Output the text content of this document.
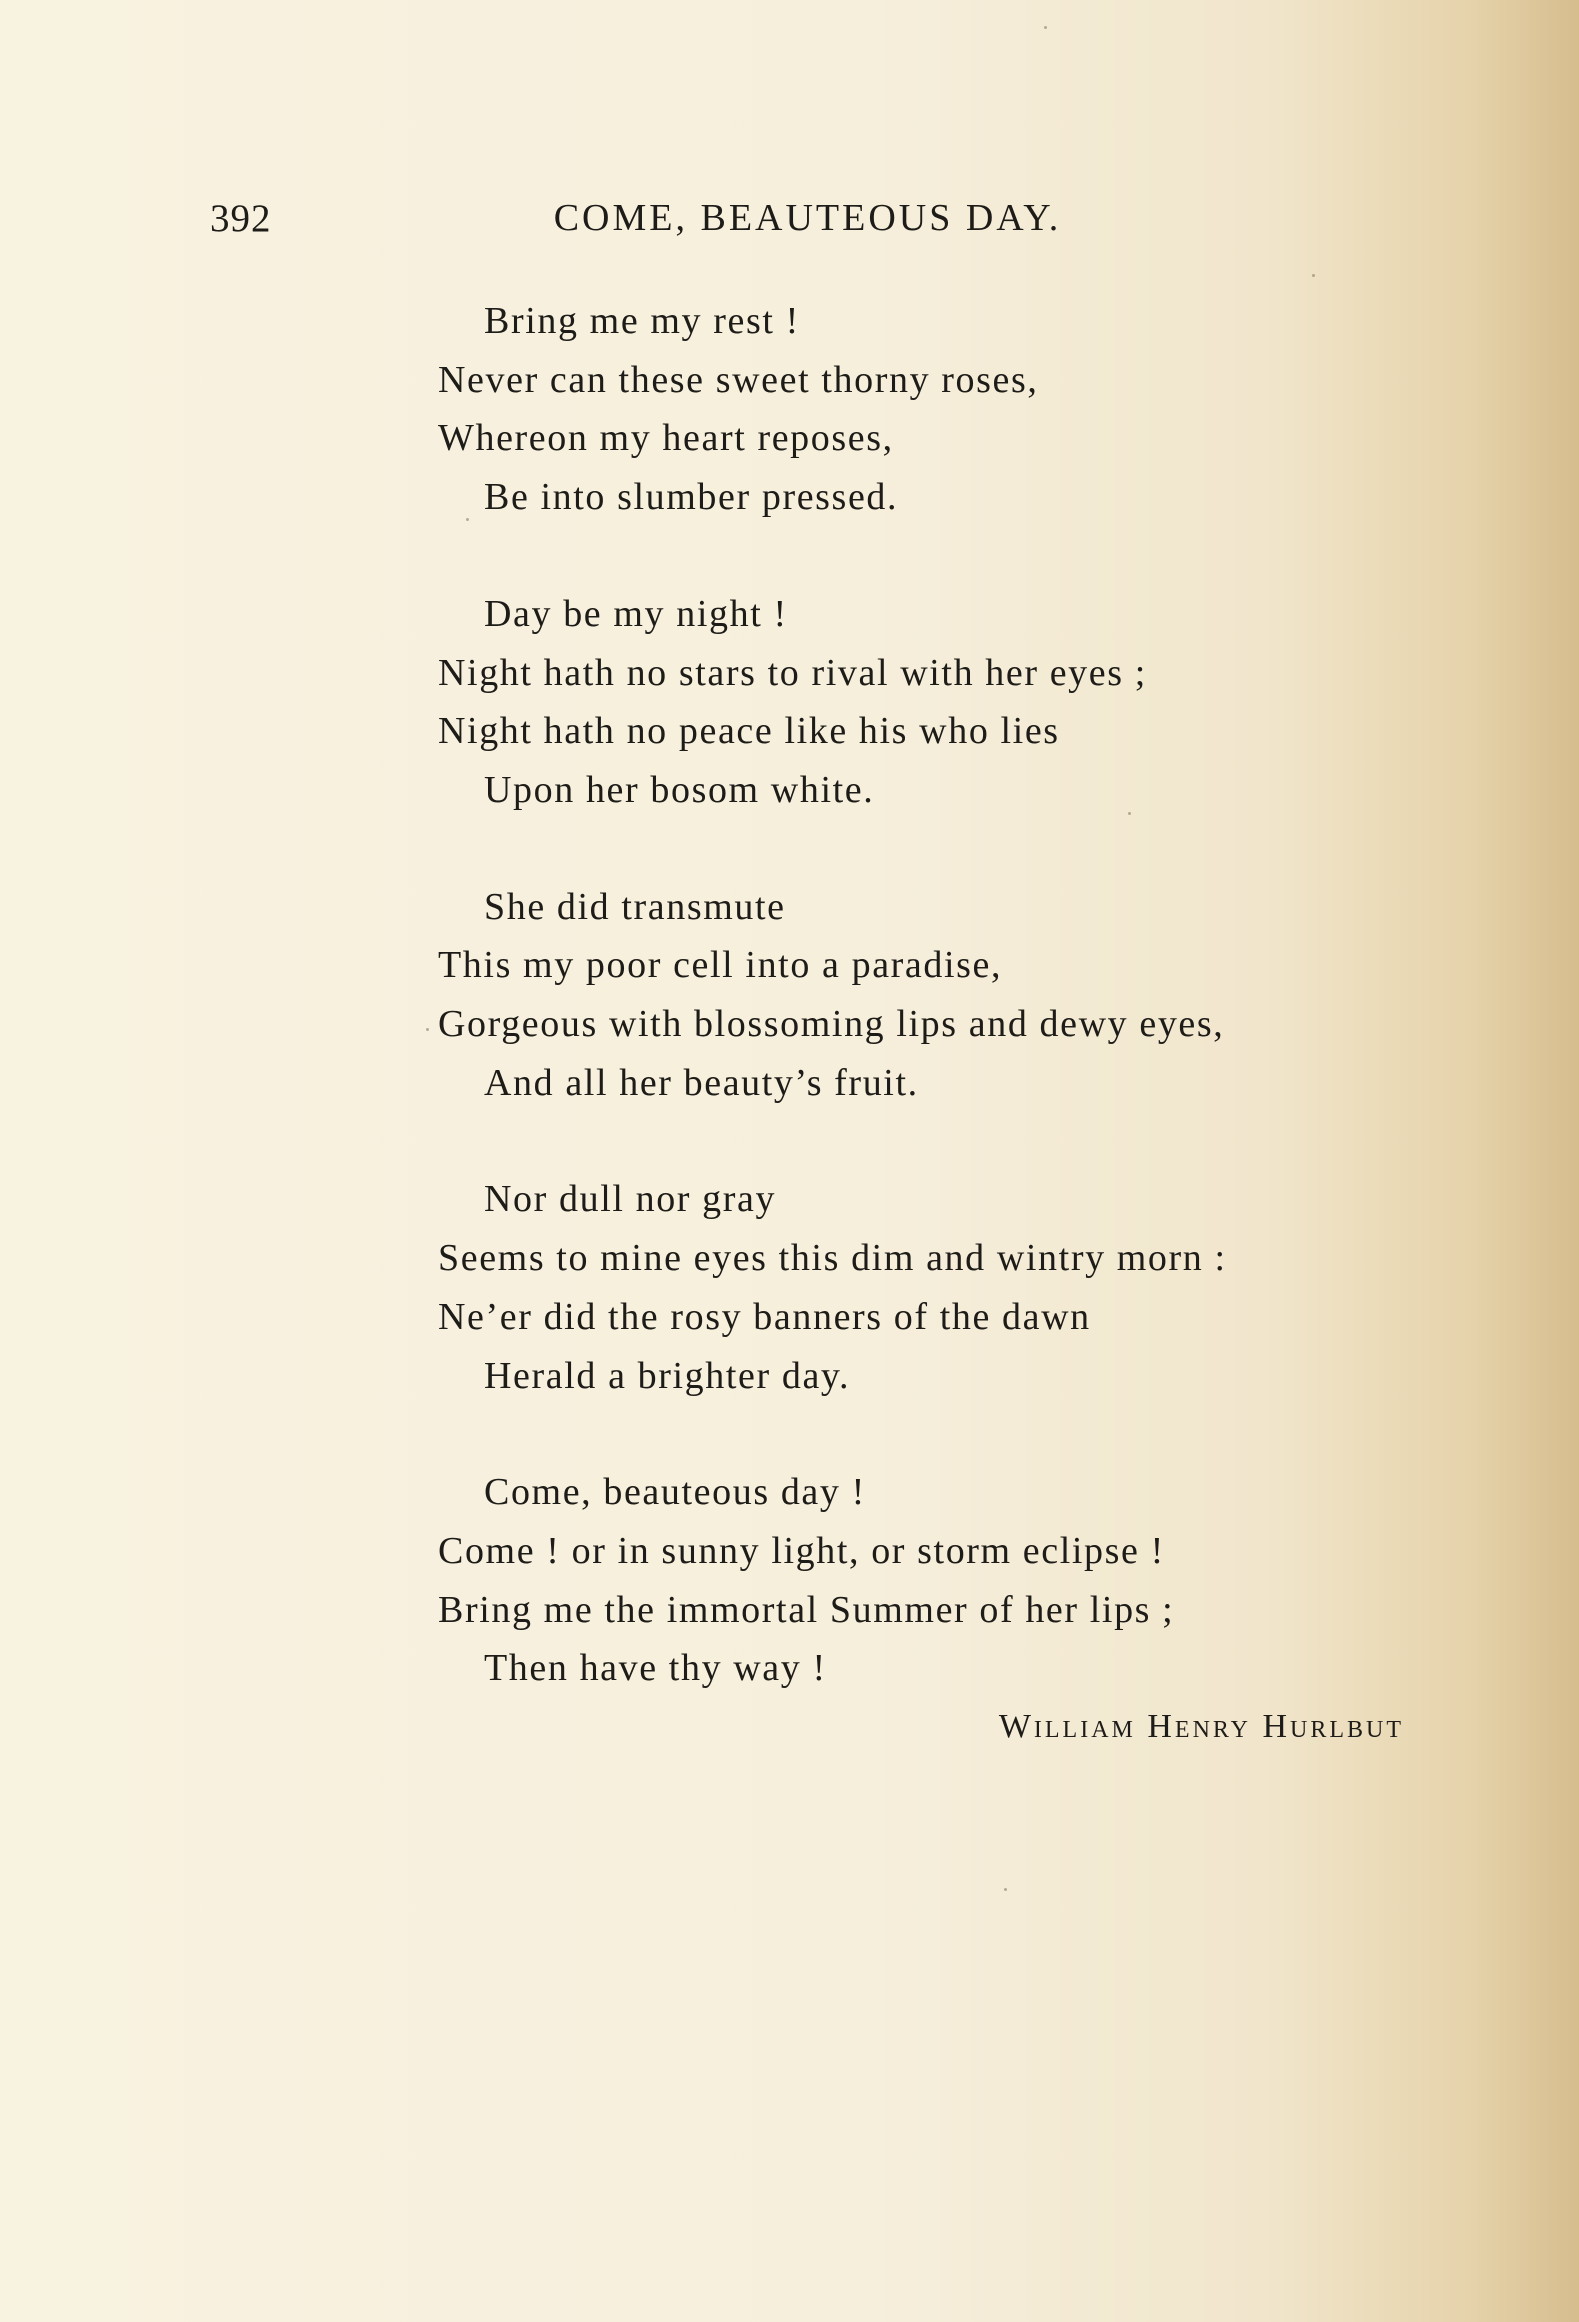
392	COME, BEAUTEOUS DAY.
Bring me my rest !
Never can these sweet thorny roses,
Whereon my heart reposes,
Be into slumber pressed.
Day be my night !
Night hath no stars to rival with her eyes ;
Night hath no peace like his who lies
Upon her bosom white.
She did transmute
This my poor cell into a paradise,
Gorgeous with blossoming lips and dewy eyes,
And all her beauty’s fruit.
Nor dull nor gray
Seems to mine eyes this dim and wintry morn :
Ne’er did the rosy banners of the dawn
Herald a brighter day.
Come, beauteous day !
Come ! or in sunny light, or storm eclipse !
Bring me the immortal Summer of her lips ;
Then have thy way !
William Henry Hurlbut
